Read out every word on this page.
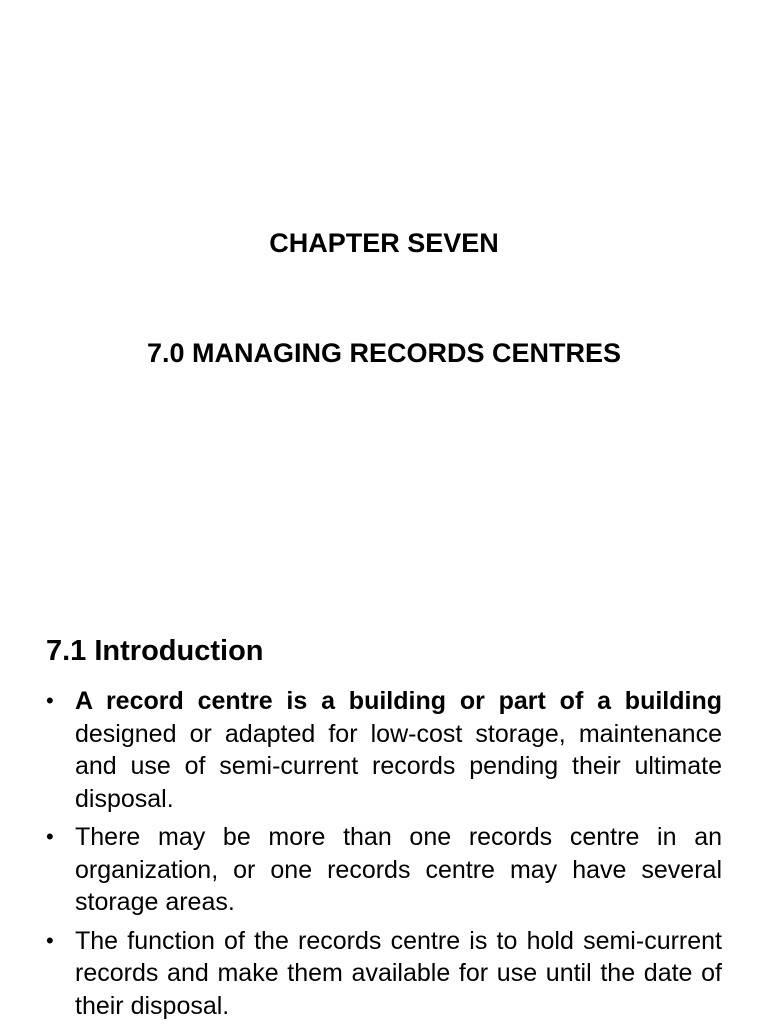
CHAPTER SEVEN
7.0 MANAGING RECORDS CENTRES
7.1 Introduction
• A record centre is a building or part of a building designed or adapted for low-cost storage, maintenance and use of semi-current records pending their ultimate disposal.
• There may be more than one records centre in an organization, or one records centre may have several storage areas.
• The function of the records centre is to hold semi-current records and make them available for use until the date of their disposal.
